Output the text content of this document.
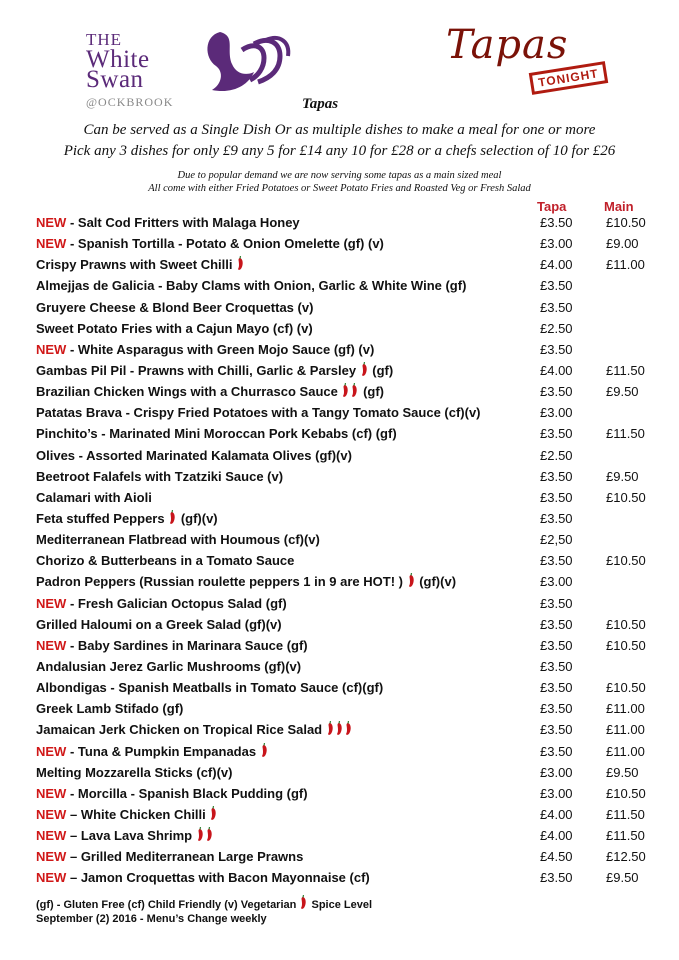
THE
White
Swan
@OCKBROOK
Tapas
TONIGHT
Tapas
Can be served as a Single Dish Or as multiple dishes to make a meal for one or more
Pick any 3 dishes for only £9 any 5 for £14 any 10 for £28 or a chefs selection of 10 for £26
Due to popular demand we are now serving some tapas as a main sized meal
All come with either Fried Potatoes or Sweet Potato Fries and Roasted Veg or Fresh Salad
Tapa	Main
NEW - Salt Cod Fritters with Malaga Honey	£3.50	£10.50
NEW - Spanish Tortilla - Potato & Onion Omelette (gf) (v)	£3.00	£9.00
Crispy Prawns with Sweet Chilli	£4.00	£11.00
Almejjas de Galicia - Baby Clams with Onion, Garlic & White Wine (gf)	£3.50
Gruyere Cheese & Blond Beer Croquettas (v)	£3.50
Sweet Potato Fries with a Cajun Mayo (cf) (v)	£2.50
NEW - White Asparagus with Green Mojo Sauce (gf) (v)	£3.50
Gambas Pil Pil - Prawns with Chilli, Garlic & Parsley  (gf)	£4.00	£11.50
Brazilian Chicken Wings with a Churrasco Sauce  (gf)	£3.50	£9.50
Patatas Brava - Crispy Fried Potatoes with a Tangy Tomato Sauce (cf)(v)	£3.00
Pinchito’s - Marinated Mini Moroccan Pork Kebabs (cf) (gf)	£3.50	£11.50
Olives - Assorted Marinated Kalamata Olives (gf)(v)	£2.50
Beetroot Falafels with Tzatziki Sauce (v)	£3.50	£9.50
Calamari with Aioli	£3.50	£10.50
Feta stuffed Peppers  (gf)(v)	£3.50
Mediterranean Flatbread with Houmous (cf)(v)	£2,50
Chorizo & Butterbeans in a Tomato Sauce	£3.50	£10.50
Padron Peppers (Russian roulette peppers 1 in 9 are HOT! )  (gf)(v)	£3.00
NEW - Fresh Galician Octopus Salad (gf)	£3.50
Grilled Haloumi on a Greek Salad (gf)(v)	£3.50	£10.50
NEW - Baby Sardines in Marinara Sauce (gf)	£3.50	£10.50
Andalusian Jerez Garlic Mushrooms (gf)(v)	£3.50
Albondigas - Spanish Meatballs in Tomato Sauce (cf)(gf)	£3.50	£10.50
Greek Lamb Stifado (gf)	£3.50	£11.00
Jamaican Jerk Chicken on Tropical Rice Salad	£3.50	£11.00
NEW - Tuna & Pumpkin Empanadas	£3.50	£11.00
Melting Mozzarella Sticks (cf)(v)	£3.00	£9.50
NEW - Morcilla - Spanish Black Pudding (gf)	£3.00	£10.50
NEW – White Chicken Chilli	£4.00	£11.50
NEW – Lava Lava Shrimp	£4.00	£11.50
NEW – Grilled Mediterranean Large Prawns	£4.50	£12.50
NEW – Jamon Croquettas with Bacon Mayonnaise (cf)	£3.50	£9.50
(gf) - Gluten Free (cf) Child Friendly (v) Vegetarian  Spice Level
September (2) 2016 - Menu’s Change weekly
